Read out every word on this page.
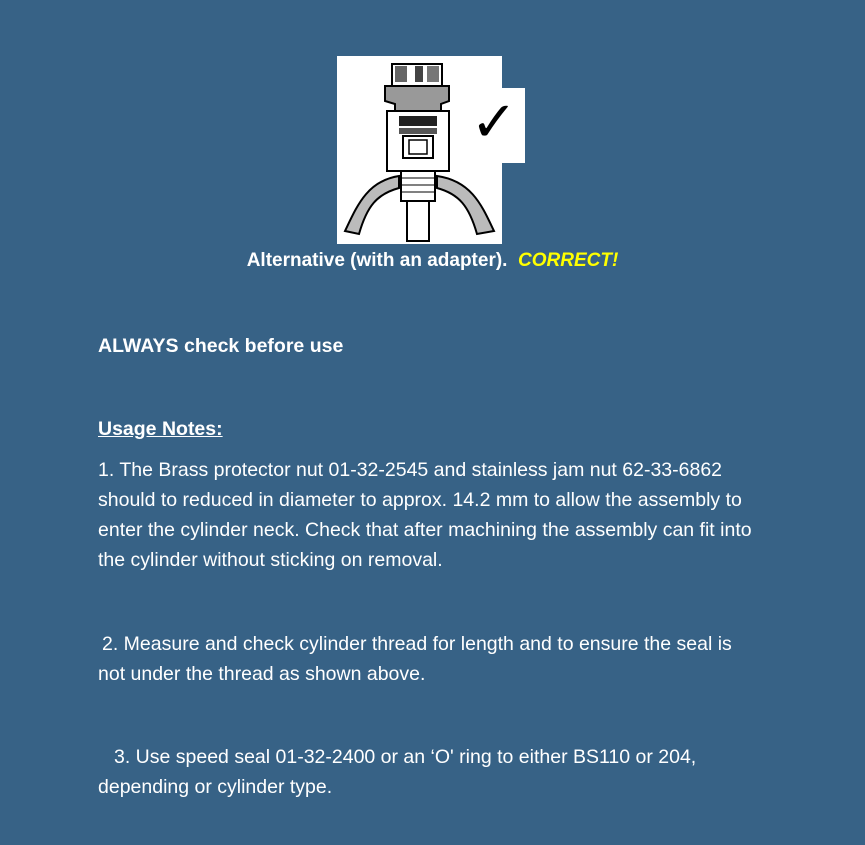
✓
Alternative (with an adapter). CORRECT!
ALWAYS check before use
Usage Notes:
1. The Brass protector nut 01-32-2545 and stainless jam nut 62-33-6862 should to reduced in diameter to approx. 14.2 mm to allow the assembly to enter the cylinder neck. Check that after machining the assembly can fit into the cylinder without sticking on removal.
2. Measure and check cylinder thread for length and to ensure the seal is not under the thread as shown above.
3. Use speed seal 01-32-2400 or an ‘O' ring to either BS110 or 204, depending or cylinder type.
